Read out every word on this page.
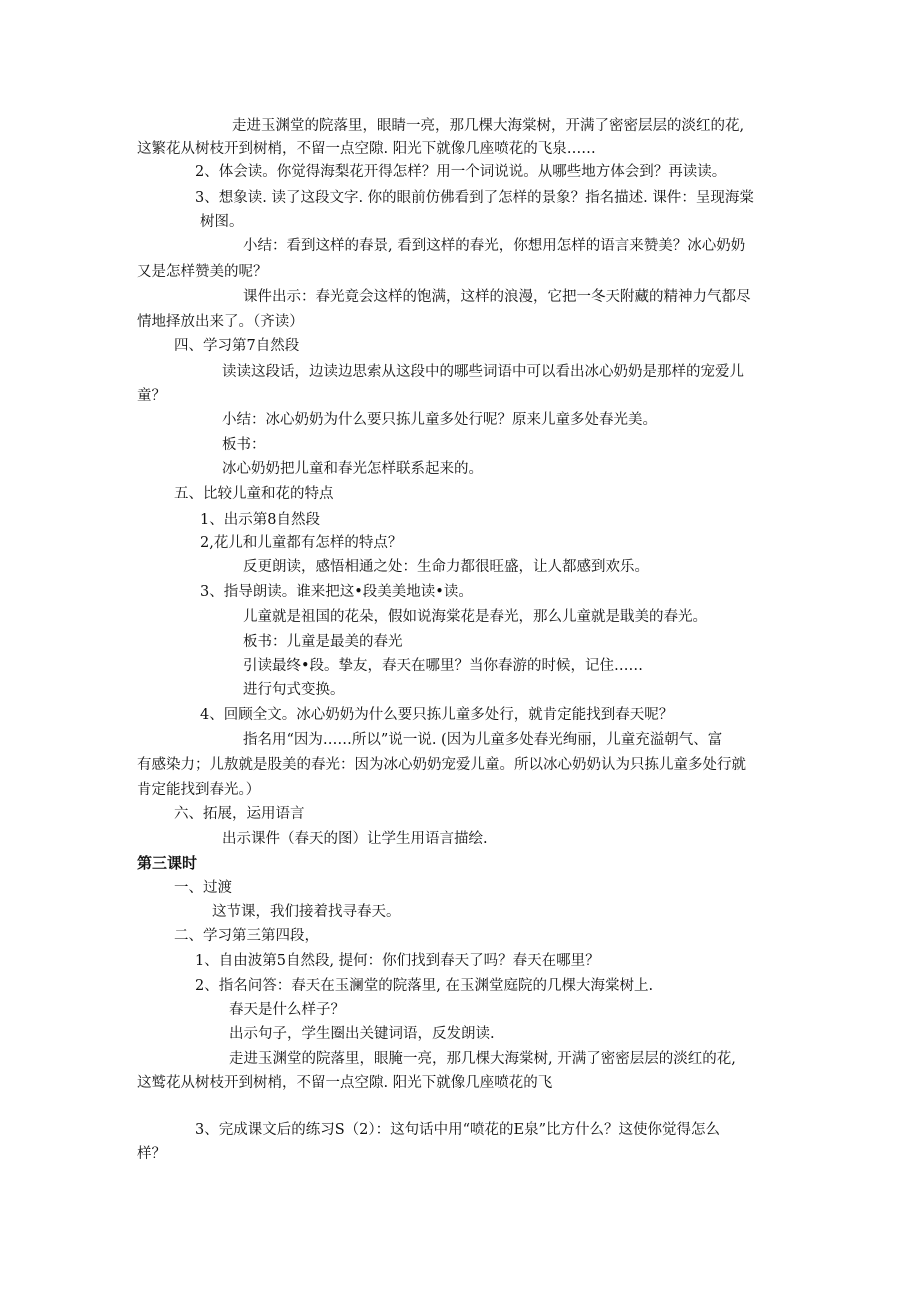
走进玉渊堂的院落里，眼睛一亮，那几棵大海棠树，开满了密密层层的淡红的花,
这繁花从树枝开到树梢，不留一点空隙. 阳光下就像几座喷花的飞泉……
2、体会读。你觉得海梨花开得怎样？用一个词说说。从哪些地方体会到？再读读。
3、想象读. 读了这段文字. 你的眼前仿佛看到了怎样的景象？指名描述. 课件：呈现海棠
树图。
小结：看到这样的春景, 看到这样的春光，你想用怎样的语言来赞美？冰心奶奶
又是怎样赞美的呢？
课件出示：春光竟会这样的饱满，这样的浪漫，它把一冬天附藏的精神力气都尽
情地择放出来了。（齐读）
四、学习第7自然段
读读这段话，边读边思索从这段中的哪些词语中可以看出冰心奶奶是那样的宠爱儿
童？
小结：冰心奶奶为什么要只拣儿童多处行呢？原来儿童多处春光美。
板书：
冰心奶奶把儿童和春光怎样联系起来的。
五、比较儿童和花的特点
1、出示第8自然段
2,花儿和儿童都有怎样的特点？
反更朗读，感悟相通之处：生命力都很旺盛，让人都感到欢乐。
3、指导朗读。谁来把这•段美美地读•读。
儿童就是祖国的花朵，假如说海棠花是春光，那么儿童就是戢美的春光。
板书：儿童是最美的春光
引读最终•段。挚友，春天在哪里？当你春游的时候，记住……
进行句式变换。
4、回顾全文。冰心奶奶为什么要只拣儿童多处行，就肯定能找到春天呢？
指名用“因为……所以”说一说. (因为儿童多处春光绚丽，儿童充溢朝气、富
有感染力；儿敖就是股美的春光：因为冰心奶奶宠爱儿童。所以冰心奶奶认为只拣儿童多处行就
肯定能找到春光。）
六、拓展，运用语言
出示课件（春天的图）让学生用语言描绘.
第三课时
一、过渡
这节课，我们接着找寻春天。
二、学习第三第四段，
1、自由波第5自然段, 提何：你们找到春天了吗？春天在哪里？
2、指名问答：春天在玉澜堂的院落里, 在玉渊堂庭院的几棵大海棠树上.
春天是什么样子？
出示句子，学生圈出关键词语，反发朗读.
走进玉渊堂的院落里，眼腌一亮，那几棵大海棠树, 开满了密密层层的淡红的花,
这鹫花从树枝开到树梢，不留一点空隙. 阳光下就像几座喷花的飞
3、完成课文后的练习S（2）：这句话中用“喷花的E泉”比方什么？这使你觉得怎么
样？
